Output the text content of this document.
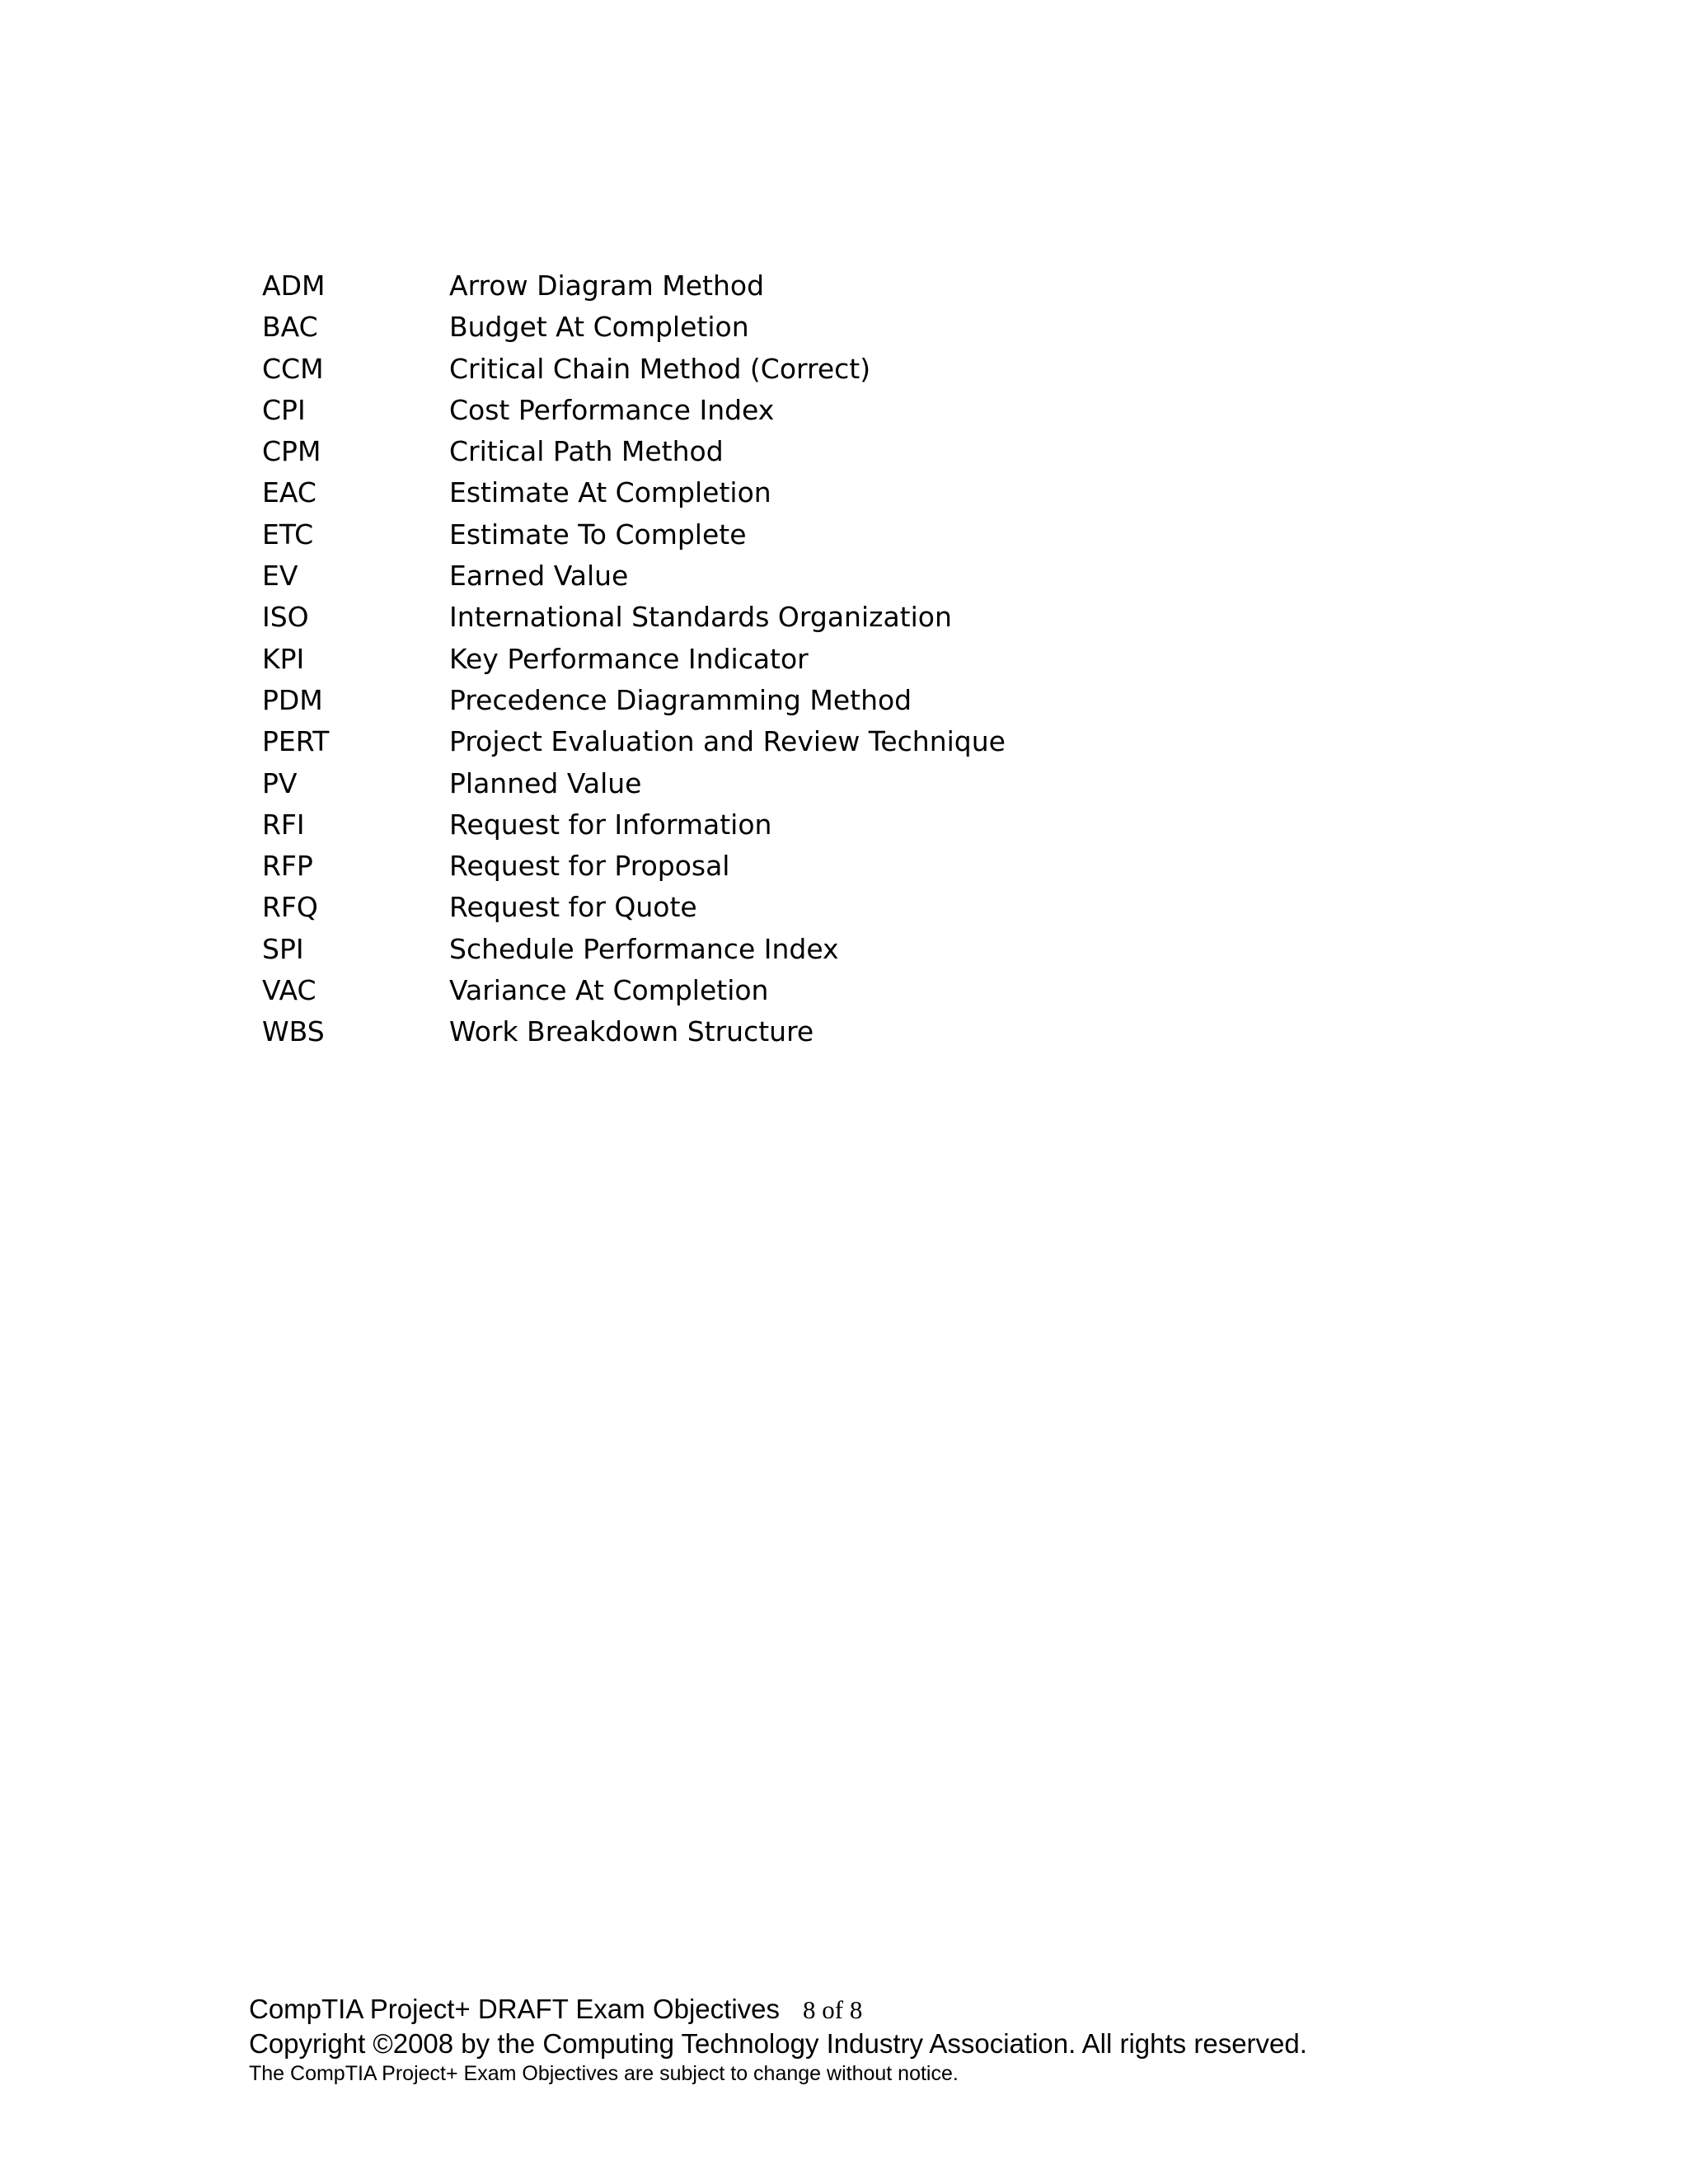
ADM	Arrow Diagram Method
BAC	Budget At Completion
CCM	Critical Chain Method (Correct)
CPI	Cost Performance Index
CPM	Critical Path Method
EAC	Estimate At Completion
ETC	Estimate To Complete
EV	Earned Value
ISO	International Standards Organization
KPI	Key Performance Indicator
PDM	Precedence Diagramming Method
PERT	Project Evaluation and Review Technique
PV	Planned Value
RFI	Request for Information
RFP	Request for Proposal
RFQ	Request for Quote
SPI	Schedule Performance Index
VAC	Variance At Completion
WBS	Work Breakdown Structure
CompTIA Project+ DRAFT Exam Objectives 8 of 8
Copyright ©2008 by the Computing Technology Industry Association. All rights reserved.
The CompTIA Project+ Exam Objectives are subject to change without notice.
